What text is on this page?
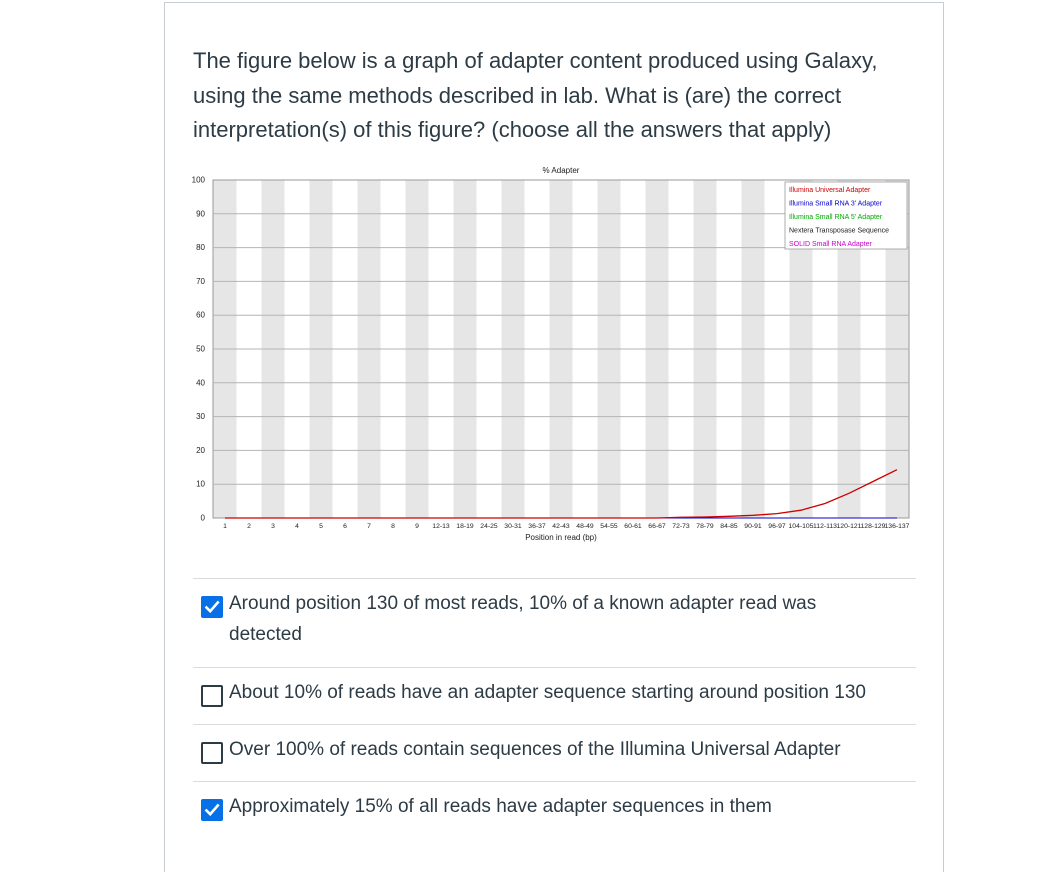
The figure below is a graph of adapter content produced using Galaxy, using the same methods described in lab. What is (are) the correct interpretation(s) of this figure? (choose all the answers that apply)

0
10
20
30
40
50
60
70
80
90
100
1	2	3	4	5	6	7	8	9 12-13 18-19 24-25 30-31 36-37 42-43 48-49 54-55 60-61 66-67 72-73 78-79 84-85 90-91 96-97 104-105 112-113 120-121 128-129 136-137
% Adapter
Position in read (bp)
Illumina Universal Adapter
Illumina Small RNA 3' Adapter
Illumina Small RNA 5' Adapter
Nextera Transposase Sequence
SOLID Small RNA Adapter
Around position 130 of most reads, 10% of a known adapter read was detected
About 10% of reads have an adapter sequence starting around position 130
Over 100% of reads contain sequences of the Illumina Universal Adapter
Approximately 15% of all reads have adapter sequences in them
